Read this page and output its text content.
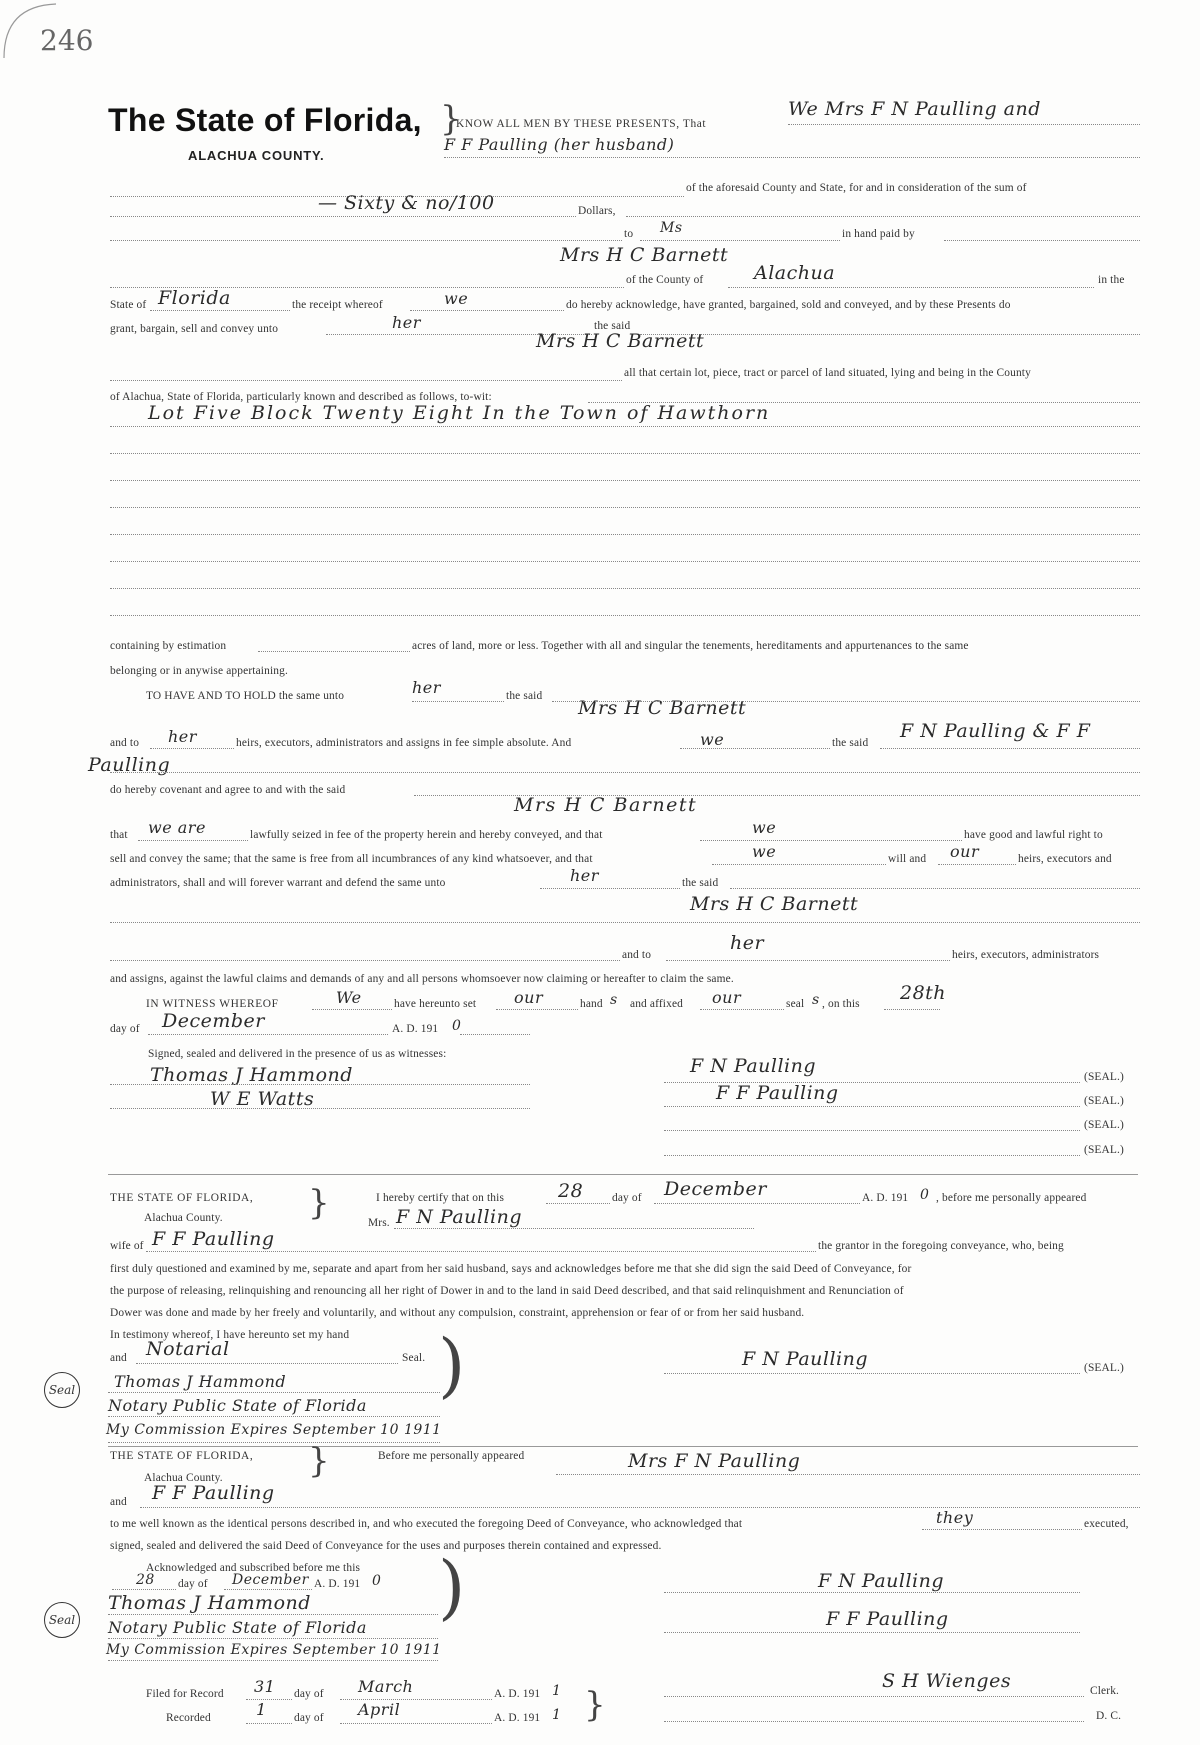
246
The State of Florida,
ALACHUA COUNTY.
}
KNOW ALL MEN BY THESE PRESENTS, That
We Mrs F N Paulling and
F F Paulling (her husband)
of the aforesaid County and State, for and in consideration of the sum of
— Sixty & no/100	Dollars,
to Ms	in hand paid by
Mrs H C Barnett
of the County of	Alachua	in the
State of Florida	the receipt whereof	we	do hereby acknowledge, have granted, bargained, sold and conveyed, and by these Presents do
grant, bargain, sell and convey unto	her	the said
Mrs H C Barnett
all that certain lot, piece, tract or parcel of land situated, lying and being in the County
of Alachua, State of Florida, particularly known and described as follows, to-wit:
Lot Five Block Twenty Eight In the Town of Hawthorn
containing by estimation	acres of land, more or less. Together with all and singular the tenements, hereditaments and appurtenances to the same
belonging or in anywise appertaining.
TO HAVE AND TO HOLD the same unto	her	the said
Mrs H C Barnett
and to her	heirs, executors, administrators and assigns in fee simple absolute. And	we	the said
F N Paulling & F F
Paulling
do hereby covenant and agree to and with the said
Mrs H C Barnett
that we are	lawfully seized in fee of the property herein and hereby conveyed, and that	we	have good and lawful right to
sell and convey the same; that the same is free from all incumbrances of any kind whatsoever, and that	we	will and our	heirs, executors and
administrators, shall and will forever warrant and defend the same unto	her	the said
Mrs H C Barnett
and to
her
heirs, executors, administrators
and assigns, against the lawful claims and demands of any and all persons whomsoever now claiming or hereafter to claim the same.
IN WITNESS WHEREOF	We	have hereunto set our	hand s and affixed our	seal s , on this 28th
day of December	A. D. 191 0
Signed, sealed and delivered in the presence of us as witnesses:
Thomas J Hammond
W E Watts
F N Paulling	(SEAL.)
F F Paulling	(SEAL.)
(SEAL.)
(SEAL.)
THE STATE OF FLORIDA, }
Alachua County.
I hereby certify that on this	28	day of December	A. D. 191 0 , before me personally appeared
Mrs. F N Paulling
wife of F F Paulling	the grantor in the foregoing conveyance, who, being
first duly questioned and examined by me, separate and apart from her said husband, says and acknowledges before me that she did sign the said Deed of Conveyance, for
the purpose of releasing, relinquishing and renouncing all her right of Dower in and to the land in said Deed described, and that said relinquishment and Renunciation of
Dower was done and made by her freely and voluntarily, and without any compulsion, constraint, apprehension or fear of or from her said husband.
In testimony whereof, I have hereunto set my hand
and Notarial	Seal. )
Thomas J Hammond
Notary Public State of Florida
My Commission Expires September 10 1911
Seal
F N Paulling	(SEAL.)
THE STATE OF FLORIDA, }
Alachua County.
Before me personally appeared	Mrs F N Paulling
and F F Paulling
to me well known as the identical persons described in, and who executed the foregoing Deed of Conveyance, who acknowledged that	they	executed,
signed, sealed and delivered the said Deed of Conveyance for the uses and purposes therein contained and expressed.
Acknowledged and subscribed before me this )
28 day of December A. D. 191 0
Thomas J Hammond
Notary Public State of Florida
My Commission Expires September 10 1911
Seal
F N Paulling
F F Paulling
Filed for Record 31 day of March	A. D. 191 1 }
Recorded	1 day of April	A. D. 191 1
S H Wienges	Clerk.
D. C.
